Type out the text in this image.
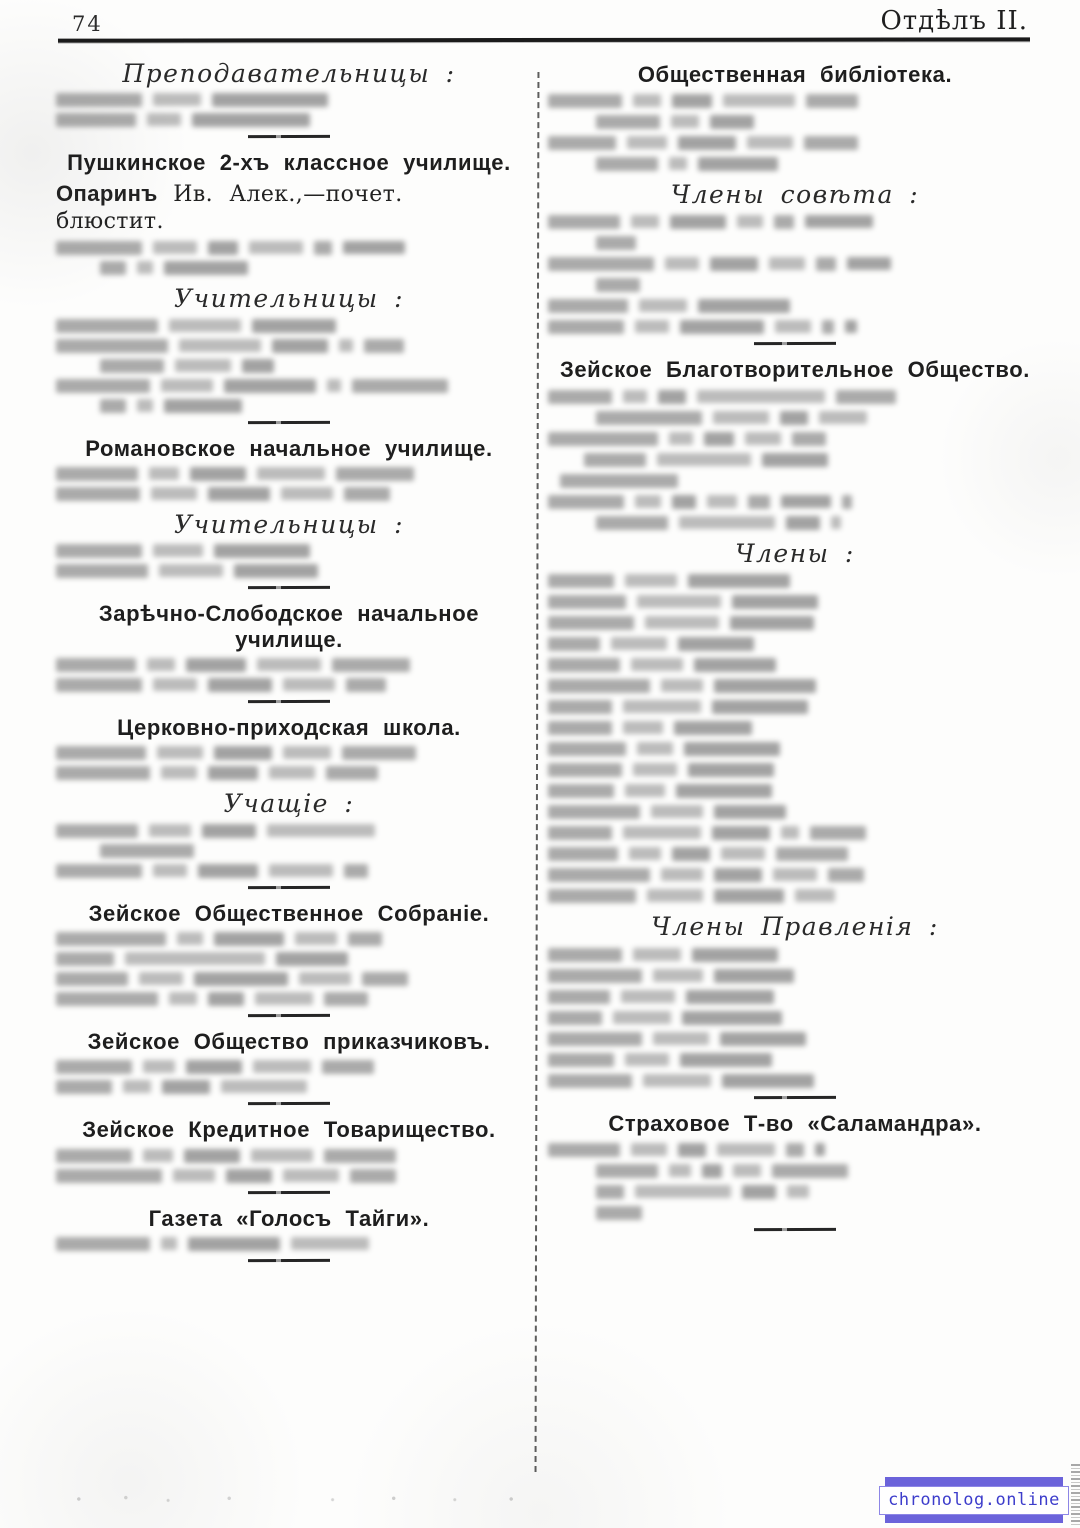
74	Отдѣлъ II.
Преподавательницы :
Пушкинское 2-хъ классное училище.
Опаринъ Ив. Алек.,—почет. блюстит.
Учительницы :
Романовское начальное училище.
Учительницы :
Зарѣчно-Слободское начальное училище.
Церковно-приходская школа.
Учащіе :
Зейское Общественное Собраніе.
Зейское Общество приказчиковъ.
Зейское Кредитное Товарищество.
Газета «Голосъ Тайги».
Общественная библіотека.
Члены совѣта :
Зейское Благотворительное Общество.
Члены :
Члены Правленія :
Страховое Т-во «Саламандра».
chronolog.online
